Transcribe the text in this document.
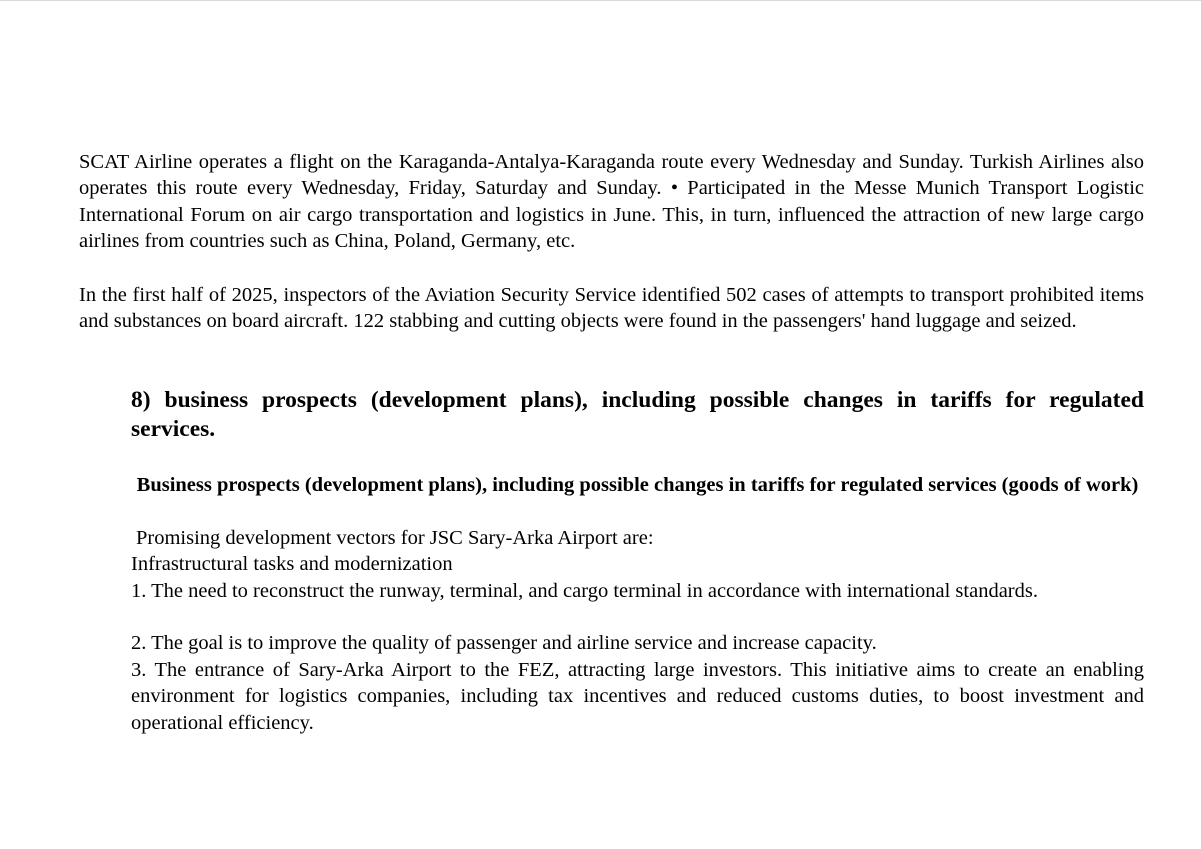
SCAT Airline operates a flight on the Karaganda-Antalya-Karaganda route every Wednesday and Sunday. Turkish Airlines also operates this route every Wednesday, Friday, Saturday and Sunday. • Participated in the Messe Munich Transport Logistic International Forum on air cargo transportation and logistics in June. This, in turn, influenced the attraction of new large cargo airlines from countries such as China, Poland, Germany, etc.

In the first half of 2025, inspectors of the Aviation Security Service identified 502 cases of attempts to transport prohibited items and substances on board aircraft. 122 stabbing and cutting objects were found in the passengers' hand luggage and seized.

8) business prospects (development plans), including possible changes in tariffs for regulated services.
Business prospects (development plans), including possible changes in tariffs for regulated services (goods of work)

Promising development vectors for JSC Sary-Arka Airport are:

Infrastructural tasks and modernization

1. The need to reconstruct the runway, terminal, and cargo terminal in accordance with international standards.

2. The goal is to improve the quality of passenger and airline service and increase capacity.

3. The entrance of Sary-Arka Airport to the FEZ, attracting large investors. This initiative aims to create an enabling environment for logistics companies, including tax incentives and reduced customs duties, to boost investment and operational efficiency.
